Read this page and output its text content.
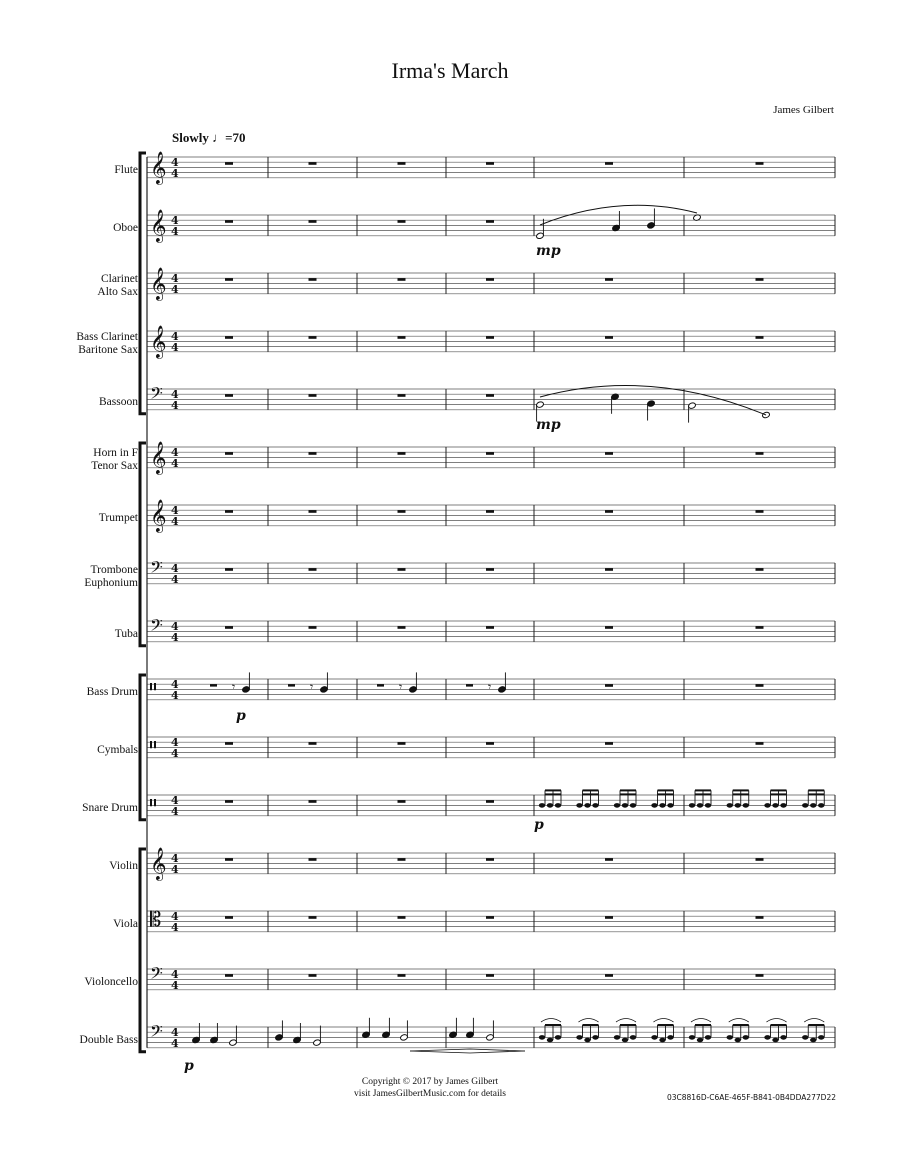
Irma's March
James Gilbert
Slowly ♩=70
Flute
Oboe
Clarinet
Alto Sax
Bass Clarinet
Baritone Sax
Bassoon
Horn in F
Tenor Sax
Trumpet
Trombone
Euphonium
Tuba
Bass Drum
Cymbals
Snare Drum
Violin
Viola
Violoncello
Double Bass
𝄞 4
4
𝄞 4
4
𝄞 4
4
𝄞 4
4
𝄢 4
4
𝄞 4
4
𝄞 4
4
𝄢 4
4
𝄢 4
4
𝄥 4
4
𝄥 4
4
𝄥 4
4
𝄞 4
4
𝄡 4
4
𝄢 4
4
𝄢 4
4
mp
mp
𝄾	𝄾	𝄾	𝄾
p
p
p
Copyright © 2017 by James Gilbert
visit JamesGilbertMusic.com for details	03C8816D-C6AE-465F-B841-0B4DDA277D22
